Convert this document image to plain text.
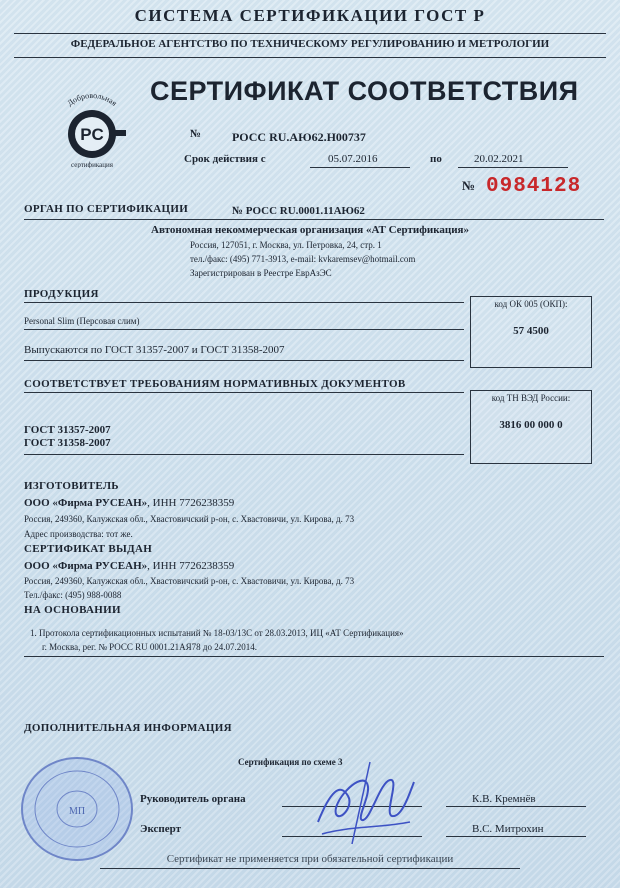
СИСТЕМА СЕРТИФИКАЦИИ ГОСТ Р
ФЕДЕРАЛЬНОЕ АГЕНТСТВО ПО ТЕХНИЧЕСКОМУ РЕГУЛИРОВАНИЮ И МЕТРОЛОГИИ
Добровольная
PC
сертификация
СЕРТИФИКАТ СООТВЕТСТВИЯ
№	РОСС RU.АЮ62.Н00737
Срок действия с	05.07.2016	по	20.02.2021
№ 0984128
ОРГАН ПО СЕРТИФИКАЦИИ	№ РОСС RU.0001.11АЮ62
Автономная некоммерческая организация «АТ Сертификация»
Россия, 127051, г. Москва, ул. Петровка, 24, стр. 1
тел./факс: (495) 771-3913, e-mail: kvkaremsev@hotmail.com
Зарегистрирован в Реестре ЕврАзЭС
ПРОДУКЦИЯ
Personal Slim (Персовая слим)
Выпускаются по ГОСТ 31357-2007 и ГОСТ 31358-2007
код ОК 005 (ОКП):
57 4500
СООТВЕТСТВУЕТ ТРЕБОВАНИЯМ НОРМАТИВНЫХ ДОКУМЕНТОВ
ГОСТ 31357-2007
ГОСТ 31358-2007
код ТН ВЭД России:
3816 00 000 0
ИЗГОТОВИТЕЛЬ
ООО «Фирма РУСЕАН», ИНН 7726238359
Россия, 249360, Калужская обл., Хвастовичский р-он, с. Хвастовичи, ул. Кирова, д. 73
Адрес производства: тот же.
СЕРТИФИКАТ ВЫДАН
ООО «Фирма РУСЕАН», ИНН 7726238359
Россия, 249360, Калужская обл., Хвастовичский р-он, с. Хвастовичи, ул. Кирова, д. 73
Тел./факс: (495) 988-0088
НА ОСНОВАНИИ
1. Протокола сертификационных испытаний № 18-03/13С от 28.03.2013, ИЦ «АТ Сертификация»
г. Москва, рег. № РОСС RU 0001.21АЯ78 до 24.07.2014.
ДОПОЛНИТЕЛЬНАЯ ИНФОРМАЦИЯ
Сертификация по схеме 3
Руководитель органа	К.В. Кремнёв
Эксперт	В.С. Митрохин
МП
Сертификат не применяется при обязательной сертификации
